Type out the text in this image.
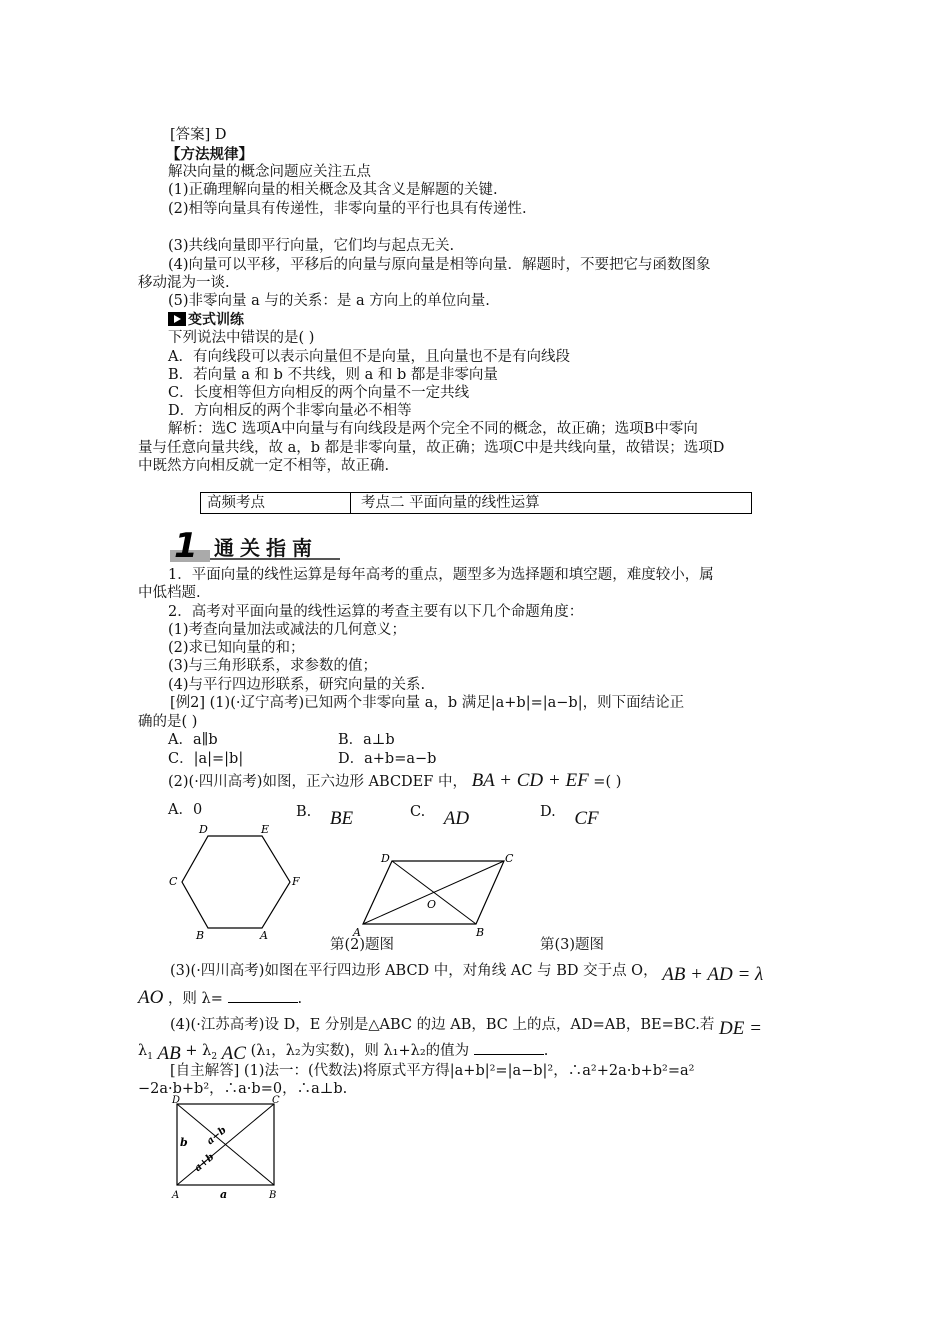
[答案] D
【方法规律】
解决向量的概念问题应关注五点
(1)正确理解向量的相关概念及其含义是解题的关键.
(2)相等向量具有传递性，非零向量的平行也具有传递性.
(3)共线向量即平行向量，它们均与起点无关.
(4)向量可以平移，平移后的向量与原向量是相等向量．解题时，不要把它与函数图象
移动混为一谈.
(5)非零向量 a 与的关系：是 a 方向上的单位向量.
变式训练
下列说法中错误的是( )
A．有向线段可以表示向量但不是向量，且向量也不是有向线段
B．若向量 a 和 b 不共线，则 a 和 b 都是非零向量
C．长度相等但方向相反的两个向量不一定共线
D．方向相反的两个非零向量必不相等
解析：选C 选项A中向量与有向线段是两个完全不同的概念，故正确；选项B中零向
量与任意向量共线，故 a，b 都是非零向量，故正确；选项C中是共线向量，故错误；选项D
中既然方向相反就一定不相等，故正确.
高频考点	考点二 平面向量的线性运算
1 通关指南
1．平面向量的线性运算是每年高考的重点，题型多为选择题和填空题，难度较小，属
中低档题.
2．高考对平面向量的线性运算的考查主要有以下几个命题角度：
(1)考查向量加法或减法的几何意义；
(2)求已知向量的和；
(3)与三角形联系，求参数的值；
(4)与平行四边形联系，研究向量的关系.
[例2] (1)(·辽宁高考)已知两个非零向量 a，b 满足|a+b|=|a−b|，则下面结论正
确的是( )
A．a∥b	B．a⊥b
C．|a|=|b|	D．a+b=a−b
(2)(·四川高考)如图，正六边形 ABCDEF 中， BA + CD + EF =( )
A．0	B. BE	C. AD	D. CF
D	E
C	F
B	A
D	C
O
A	B
第(2)题图	第(3)题图
(3)(·四川高考)如图在平行四边形 ABCD 中，对角线 AC 与 BD 交于点 O， AB + AD = λ
AO ，则 λ=	.
(4)(·江苏高考)设 D，E 分别是△ABC 的边 AB，BC 上的点，AD=AB，BE=BC.若 DE =
$\lambda_1$ AB + $\lambda_2$ AC (λ₁，λ₂为实数)，则 λ₁+λ₂的值为	.
[自主解答] (1)法一：(代数法)将原式平方得|a+b|²=|a−b|²，∴a²+2a·b+b²=a²
−2a·b+b²，∴a·b=0，∴a⊥b.
D	C
A	B
b
a
a−b
a+b
